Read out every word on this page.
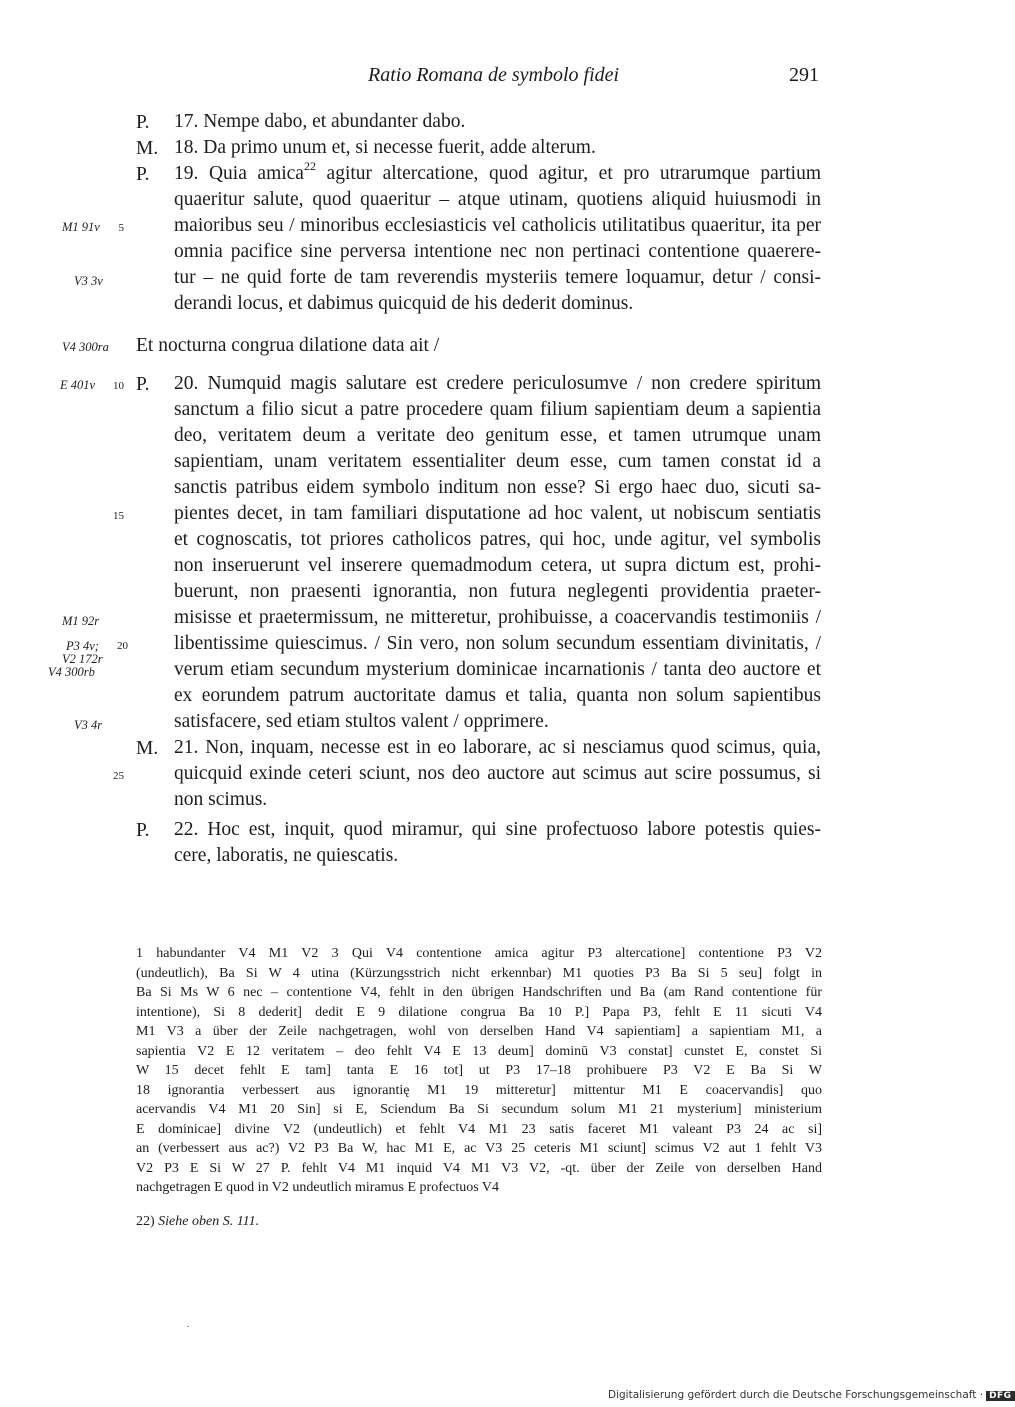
Ratio Romana de symbolo fidei	291
P. 17. Nempe dabo, et abundanter dabo.
M. 18. Da primo unum et, si necesse fuerit, adde alterum.
P. 19. Quia amica$^{22}$ agitur altercatione, quod agitur, et pro utrarumque partium
quaeritur salute, quod quaeritur – atque utinam, quotiens aliquid huiusmodi in
maioribus seu / minoribus ecclesiasticis vel catholicis utilitatibus quaeritur, ita per
omnia pacifice sine perversa intentione nec non pertinaci contentione quaerere-
tur – ne quid forte de tam reverendis mysteriis temere loquamur, detur / consi-
derandi locus, et dabimus quicquid de his dederit dominus.
Et nocturna congrua dilatione data ait /
P. 20. Numquid magis salutare est credere periculosumve / non credere spiritum
sanctum a filio sicut a patre procedere quam filium sapientiam deum a sapientia
deo, veritatem deum a veritate deo genitum esse, et tamen utrumque unam
sapientiam, unam veritatem essentialiter deum esse, cum tamen constat id a
sanctis patribus eidem symbolo inditum non esse? Si ergo haec duo, sicuti sa-
pientes decet, in tam familiari disputatione ad hoc valent, ut nobiscum sentiatis
et cognoscatis, tot priores catholicos patres, qui hoc, unde agitur, vel symbolis
non inseruerunt vel inserere quemadmodum cetera, ut supra dictum est, prohi-
buerunt, non praesenti ignorantia, non futura neglegenti providentia praeter-
misisse et praetermissum, ne mitteretur, prohibuisse, a coacervandis testimoniis /
libentissime quiescimus. / Sin vero, non solum secundum essentiam divinitatis, /
verum etiam secundum mysterium dominicae incarnationis / tanta deo auctore et
ex eorundem patrum auctoritate damus et talia, quanta non solum sapientibus
satisfacere, sed etiam stultos valent / opprimere.
M. 21. Non, inquam, necesse est in eo laborare, ac si nesciamus quod scimus, quia,
quicquid exinde ceteri sciunt, nos deo auctore aut scimus aut scire possumus, si
non scimus.
P. 22. Hoc est, inquit, quod miramur, qui sine profectuoso labore potestis quies-
cere, laboratis, ne quiescatis.
5
10
15
20
25
M1 91v
V3 3v
V4 300ra
E 401v
M1 92r
P3 4v;
V2 172r
V4 300rb
V3 4r
1 habundanter V4 M1 V2 3 Qui V4 contentione amica agitur P3 altercatione] contentione P3 V2
(undeutlich), Ba Si W 4 utina (Kürzungsstrich nicht erkennbar) M1 quoties P3 Ba Si 5 seu] folgt in
Ba Si Ms W 6 nec – contentione V4, fehlt in den übrigen Handschriften und Ba (am Rand contentione für
intentione), Si 8 dederit] dedit E 9 dilatione congrua Ba 10 P.] Papa P3, fehlt E 11 sicuti V4
M1 V3 a über der Zeile nachgetragen, wohl von derselben Hand V4 sapientiam] a sapientiam M1, a
sapientia V2 E 12 veritatem – deo fehlt V4 E 13 deum] dominū V3 constat] cunstet E, constet Si
W 15 decet fehlt E tam] tanta E 16 tot] ut P3 17–18 prohibuere P3 V2 E Ba Si W
18 ignorantia verbessert aus ignorantię M1 19 mitteretur] mittentur M1 E coacervandis] quo
acervandis V4 M1 20 Sin] si E, Sciendum Ba Si secundum solum M1 21 mysterium] ministerium
E dominicae] divine V2 (undeutlich) et fehlt V4 M1 23 satis faceret M1 valeant P3 24 ac si]
an (verbessert aus ac?) V2 P3 Ba W, hac M1 E, ac V3 25 ceteris M1 sciunt] scimus V2 aut 1 fehlt V3
V2 P3 E Si W 27 P. fehlt V4 M1 inquid V4 M1 V3 V2, -qt. über der Zeile von derselben Hand
nachgetragen E quod in V2 undeutlich miramus E profectuos V4
22) Siehe oben S. 111.
Digitalisierung gefördert durch die Deutsche Forschungsgemeinschaft · DFG
